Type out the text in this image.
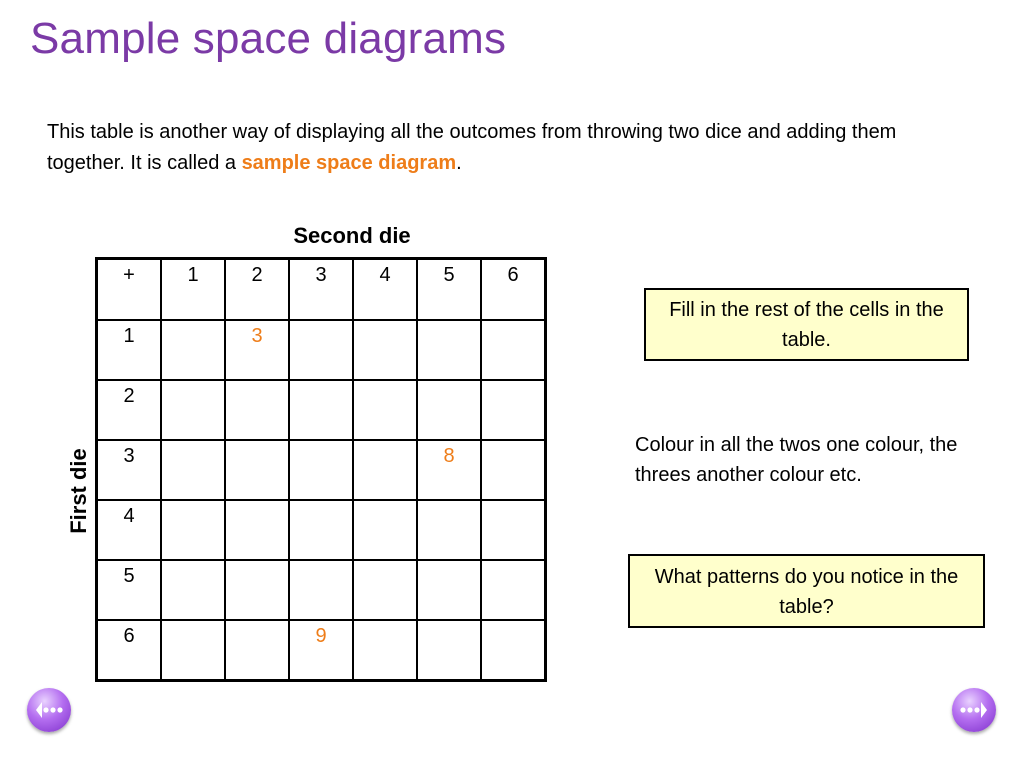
Sample space diagrams

This table is another way of displaying all the outcomes from throwing two dice and adding them together. It is called a sample space diagram.

Second die
First die
+	1	2	3	4	5	6
1		3				
2						
3					8	
4						
5						
6			9			
Fill in the rest of the cells in the table.
Colour in all the twos one colour, the threes another colour etc.
What patterns do you notice in the table?
